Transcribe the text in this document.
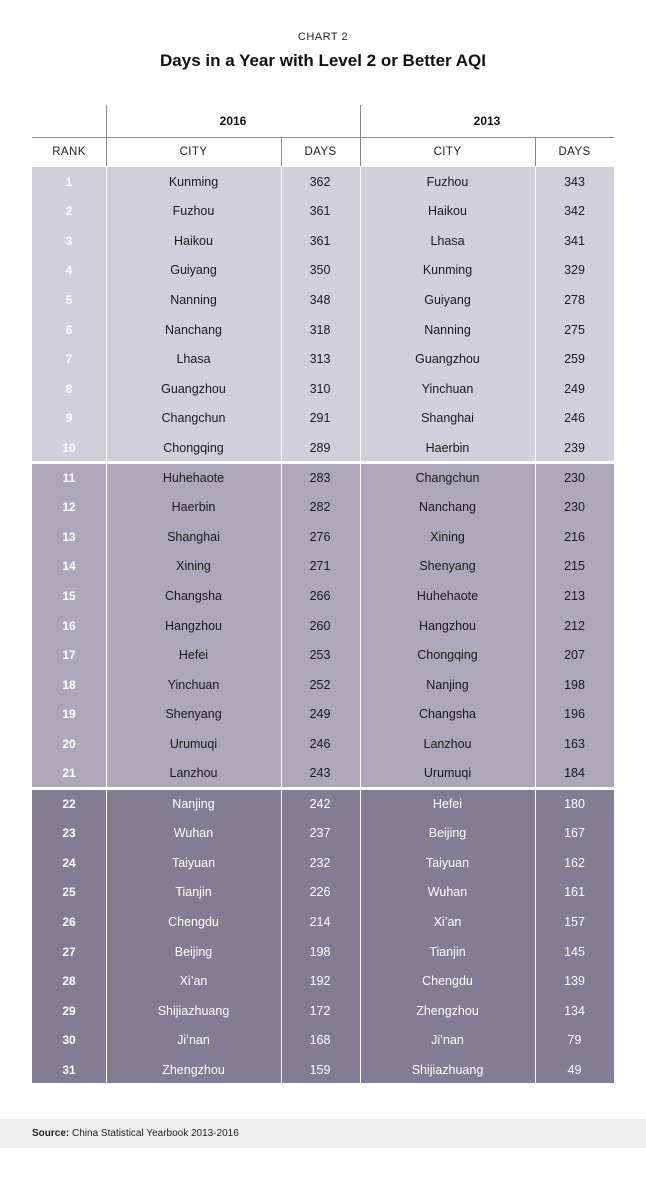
CHART 2
Days in a Year with Level 2 or Better AQI
2016	2013
RANK	CITY	DAYS	CITY	DAYS
1	Kunming	362	Fuzhou	343
2	Fuzhou	361	Haikou	342
3	Haikou	361	Lhasa	341
4	Guiyang	350	Kunming	329
5	Nanning	348	Guiyang	278
6	Nanchang	318	Nanning	275
7	Lhasa	313	Guangzhou	259
8	Guangzhou	310	Yinchuan	249
9	Changchun	291	Shanghai	246
10	Chongqing	289	Haerbin	239
11	Huhehaote	283	Changchun	230
12	Haerbin	282	Nanchang	230
13	Shanghai	276	Xining	216
14	Xining	271	Shenyang	215
15	Changsha	266	Huhehaote	213
16	Hangzhou	260	Hangzhou	212
17	Hefei	253	Chongqing	207
18	Yinchuan	252	Nanjing	198
19	Shenyang	249	Changsha	196
20	Urumuqi	246	Lanzhou	163
21	Lanzhou	243	Urumuqi	184
22	Nanjing	242	Hefei	180
23	Wuhan	237	Beijing	167
24	Taiyuan	232	Taiyuan	162
25	Tianjin	226	Wuhan	161
26	Chengdu	214	Xi’an	157
27	Beijing	198	Tianjin	145
28	Xi’an	192	Chengdu	139
29	Shijiazhuang	172	Zhengzhou	134
30	Ji’nan	168	Ji’nan	79
31	Zhengzhou	159	Shijiazhuang	49
Source: China Statistical Yearbook 2013-2016
